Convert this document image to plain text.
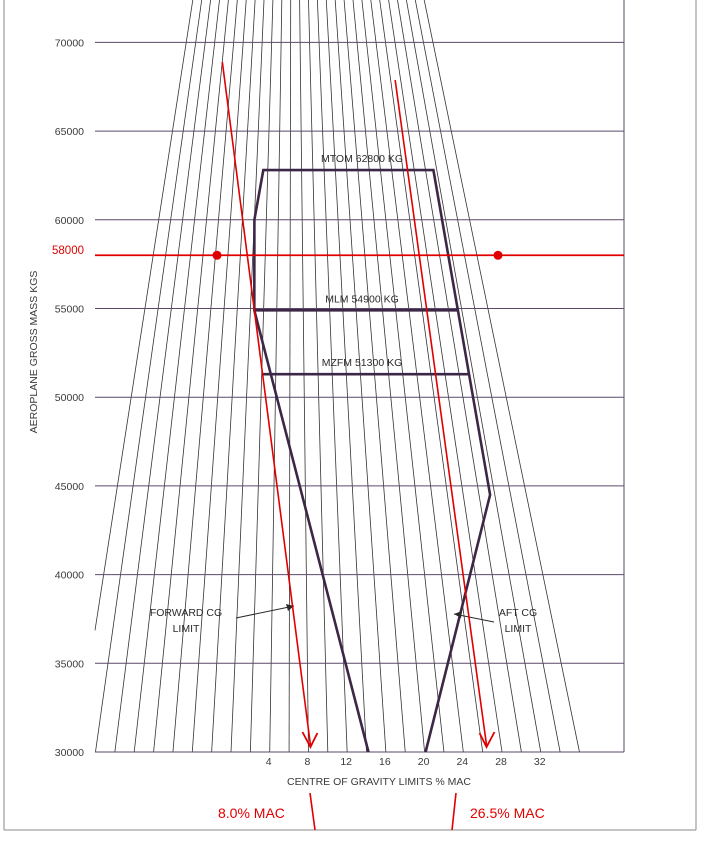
30000
35000
40000
45000
50000
55000
60000
65000
70000
4	8	12	16	20	24	28	32
MTOM 62800 KG
MLM 54900 KG
MZFM 51300 KG
AEROPLANE GROSS MASS KGS
CENTRE OF GRAVITY LIMITS % MAC
FORWARD CG
LIMIT
AFT CG
LIMIT
58000
8.0% MAC	26.5% MAC
